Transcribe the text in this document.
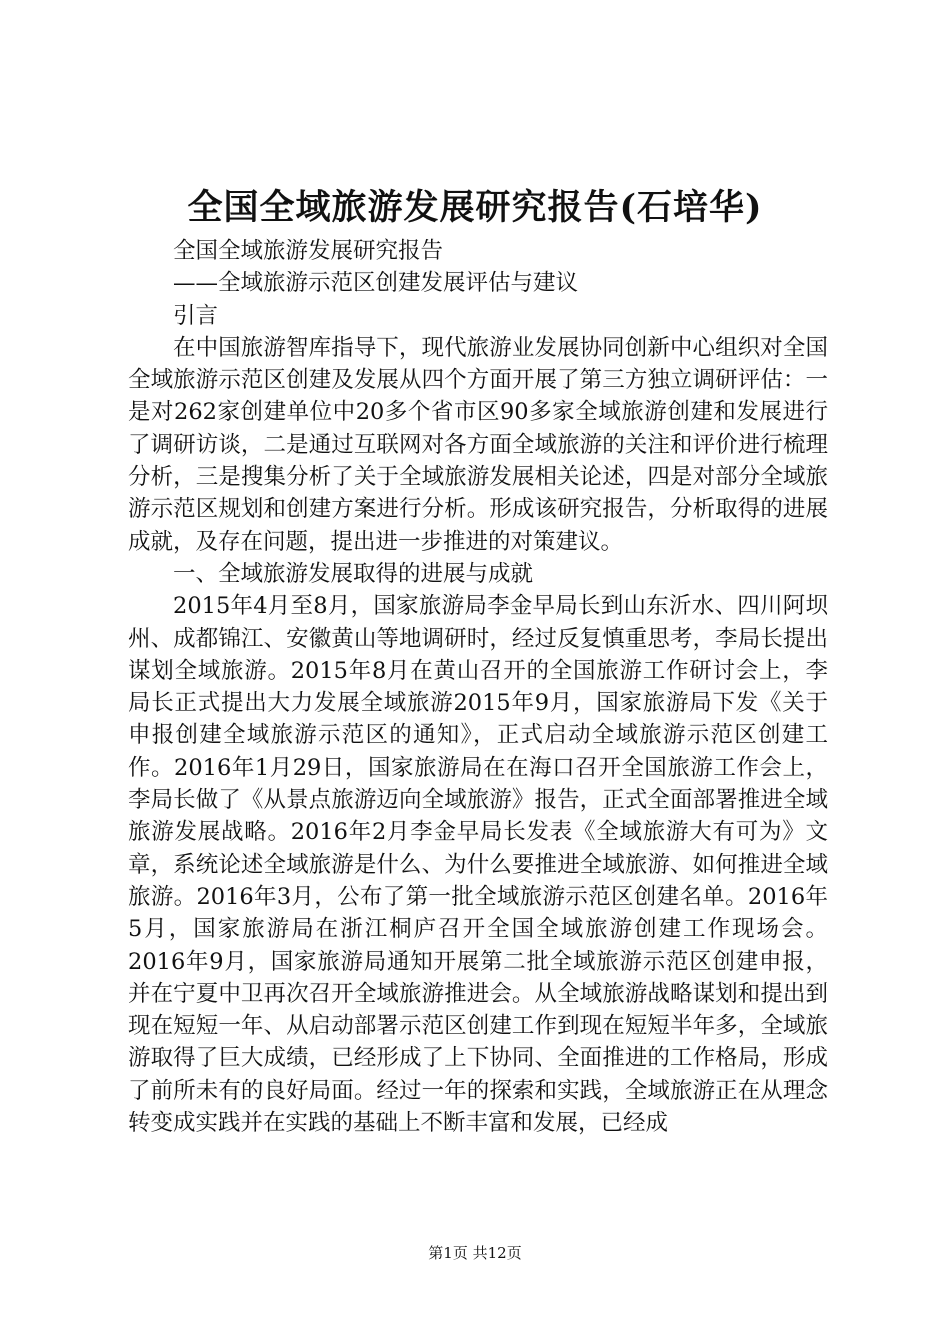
全国全域旅游发展研究报告(石培华)

全国全域旅游发展研究报告

——全域旅游示范区创建发展评估与建议

引言

在中国旅游智库指导下，现代旅游业发展协同创新中心组织对全国全域旅游示范区创建及发展从四个方面开展了第三方独立调研评估：一是对262家创建单位中20多个省市区90多家全域旅游创建和发展进行了调研访谈，二是通过互联网对各方面全域旅游的关注和评价进行梳理分析，三是搜集分析了关于全域旅游发展相关论述，四是对部分全域旅游示范区规划和创建方案进行分析。形成该研究报告，分析取得的进展成就，及存在问题，提出进一步推进的对策建议。

一、全域旅游发展取得的进展与成就

2015年4月至8月，国家旅游局李金早局长到山东沂水、四川阿坝州、成都锦江、安徽黄山等地调研时，经过反复慎重思考，李局长提出谋划全域旅游。2015年8月在黄山召开的全国旅游工作研讨会上，李局长正式提出大力发展全域旅游2015年9月，国家旅游局下发《关于申报创建全域旅游示范区的通知》，正式启动全域旅游示范区创建工作。2016年1月29日，国家旅游局在在海口召开全国旅游工作会上，李局长做了《从景点旅游迈向全域旅游》报告，正式全面部署推进全域旅游发展战略。2016年2月李金早局长发表《全域旅游大有可为》文章，系统论述全域旅游是什么、为什么要推进全域旅游、如何推进全域旅游。2016年3月，公布了第一批全域旅游示范区创建名单。2016年5月，国家旅游局在浙江桐庐召开全国全域旅游创建工作现场会。2016年9月，国家旅游局通知开展第二批全域旅游示范区创建申报，并在宁夏中卫再次召开全域旅游推进会。从全域旅游战略谋划和提出到现在短短一年、从启动部署示范区创建工作到现在短短半年多，全域旅游取得了巨大成绩，已经形成了上下协同、全面推进的工作格局，形成了前所未有的良好局面。经过一年的探索和实践，全域旅游正在从理念转变成实践并在实践的基础上不断丰富和发展，已经成

第1页 共12页
